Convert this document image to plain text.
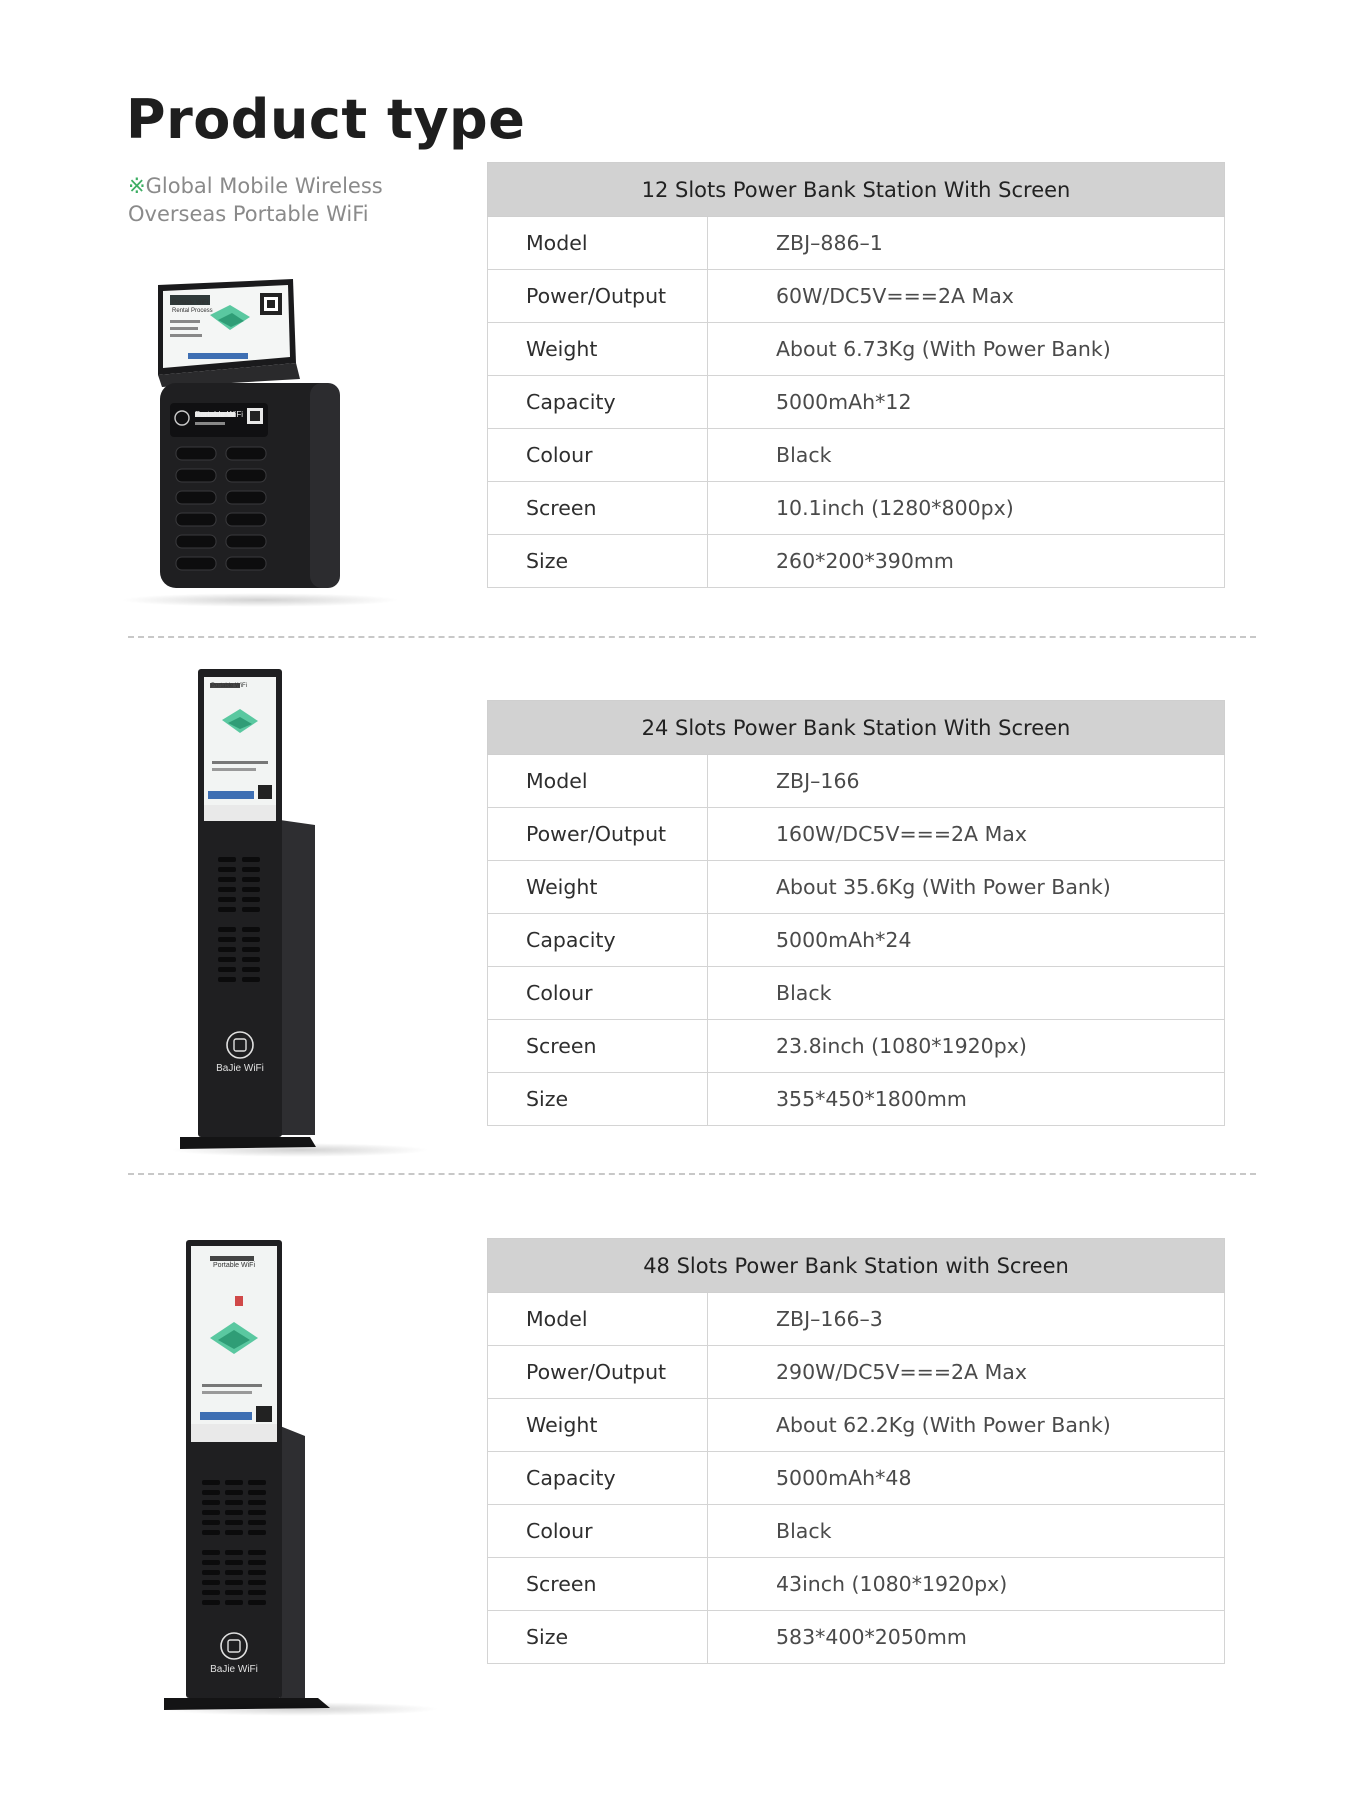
Product type
※Global Mobile Wireless
Overseas Portable WiFi
12 Slots Power Bank Station With Screen	
Model	ZBJ–886–1
Power/Output	60W/DC5V===2A Max
Weight	About 6.73Kg (With Power Bank)
Capacity	5000mAh*12
Colour	Black
Screen	10.1inch (1280*800px)
Size	260*200*390mm
BaJie WiFi
24 Slots Power Bank Station With Screen	
Model	ZBJ–166
Power/Output	160W/DC5V===2A Max
Weight	About 35.6Kg (With Power Bank)
Capacity	5000mAh*24
Colour	Black
Screen	23.8inch (1080*1920px)
Size	355*450*1800mm
BaJie WiFi
48 Slots Power Bank Station with Screen	
Model	ZBJ–166–3
Power/Output	290W/DC5V===2A Max
Weight	About 62.2Kg (With Power Bank)
Capacity	5000mAh*48
Colour	Black
Screen	43inch (1080*1920px)
Size	583*400*2050mm
Portable WiFi
Rental Process
Portable WiFi
Portable WiFi
Portable WiFi
